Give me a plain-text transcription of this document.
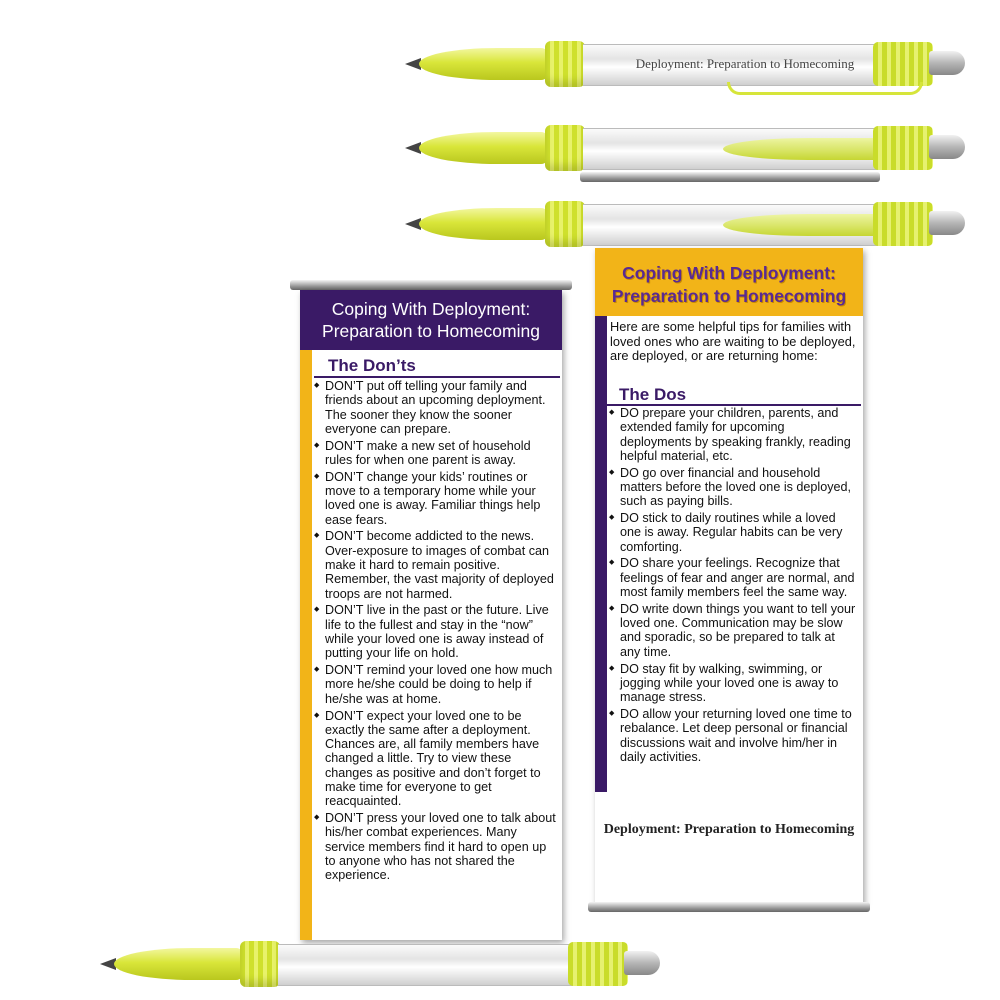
Deployment: Preparation to Homecoming
Coping With Deployment:
Preparation to Homecoming
The Don’ts
◆ DON’T put off telling your family and friends about an upcoming deployment. The sooner they know the sooner everyone can prepare.
◆ DON’T make a new set of household rules for when one parent is away.
◆ DON’T change your kids’ routines or move to a temporary home while your loved one is away. Familiar things help ease fears.
◆ DON’T become addicted to the news. Over-exposure to images of combat can make it hard to remain positive. Remember, the vast majority of deployed troops are not harmed.
◆ DON’T live in the past or the future. Live life to the fullest and stay in the “now” while your loved one is away instead of putting your life on hold.
◆ DON’T remind your loved one how much more he/she could be doing to help if he/she was at home.
◆ DON’T expect your loved one to be exactly the same after a deployment. Chances are, all family members have changed a little. Try to view these changes as positive and don’t forget to make time for everyone to get reacquainted.
◆ DON’T press your loved one to talk about his/her combat experiences. Many service members find it hard to open up to anyone who has not shared the experience.
Coping With Deployment:
Preparation to Homecoming
Here are some helpful tips for families with loved ones who are waiting to be deployed, are deployed, or are returning home:
The Dos
◆ DO prepare your children, parents, and extended family for upcoming deployments by speaking frankly, reading helpful material, etc.
◆ DO go over financial and household matters before the loved one is deployed, such as paying bills.
◆ DO stick to daily routines while a loved one is away. Regular habits can be very comforting.
◆ DO share your feelings. Recognize that feelings of fear and anger are normal, and most family members feel the same way.
◆ DO write down things you want to tell your loved one. Communication may be slow and sporadic, so be prepared to talk at any time.
◆ DO stay fit by walking, swimming, or jogging while your loved one is away to manage stress.
◆ DO allow your returning loved one time to rebalance. Let deep personal or financial discussions wait and involve him/her in daily activities.
Deployment: Preparation to Homecoming
